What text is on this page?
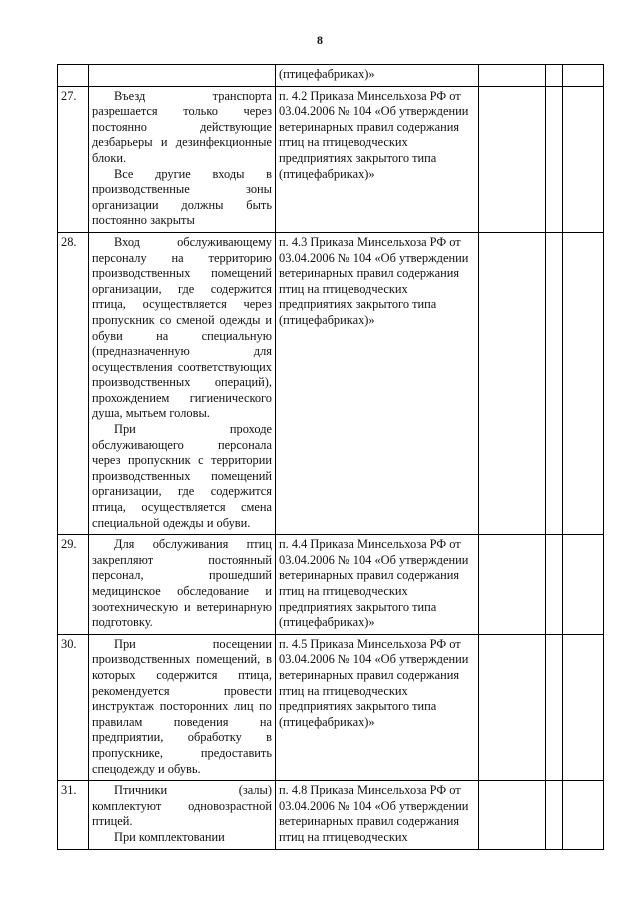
8

		(птицефабриках)»			

27.	Въезд транспорта разрешается только через постоянно действующие дезбарьеры и дезинфекционные блоки.

Все другие входы в производственные зоны организации должны быть постоянно закрыты	п. 4.2 Приказа Минсельхоза РФ от 03.04.2006 № 104 «Об утверждении ветеринарных правил содержания птиц на птицеводческих предприятиях закрытого типа (птицефабриках)»			

28.	Вход обслуживающему персоналу на территорию производственных помещений организации, где содержится птица, осуществляется через пропускник со сменой одежды и обуви на специальную (предназначенную для осуществления соответствующих производственных операций), прохождением гигиенического душа, мытьем головы.

При проходе обслуживающего персонала через пропускник с территории производственных помещений организации, где содержится птица, осуществляется смена специальной одежды и обуви.	п. 4.3 Приказа Минсельхоза РФ от 03.04.2006 № 104 «Об утверждении ветеринарных правил содержания птиц на птицеводческих предприятиях закрытого типа (птицефабриках)»			

29.	Для обслуживания птиц закрепляют постоянный персонал, прошедший медицинское обследование и зоотехническую и ветеринарную подготовку.	п. 4.4 Приказа Минсельхоза РФ от 03.04.2006 № 104 «Об утверждении ветеринарных правил содержания птиц на птицеводческих предприятиях закрытого типа (птицефабриках)»			

30.	При посещении производственных помещений, в которых содержится птица, рекомендуется провести инструктаж посторонних лиц по правилам поведения на предприятии, обработку в пропускнике, предоставить спецодежду и обувь.	п. 4.5 Приказа Минсельхоза РФ от 03.04.2006 № 104 «Об утверждении ветеринарных правил содержания птиц на птицеводческих предприятиях закрытого типа (птицефабриках)»			

31.	Птичники (залы) комплектуют одновозрастной птицей.

При комплектовании	п. 4.8 Приказа Минсельхоза РФ от 03.04.2006 № 104 «Об утверждении ветеринарных правил содержания птиц на птицеводческих			
